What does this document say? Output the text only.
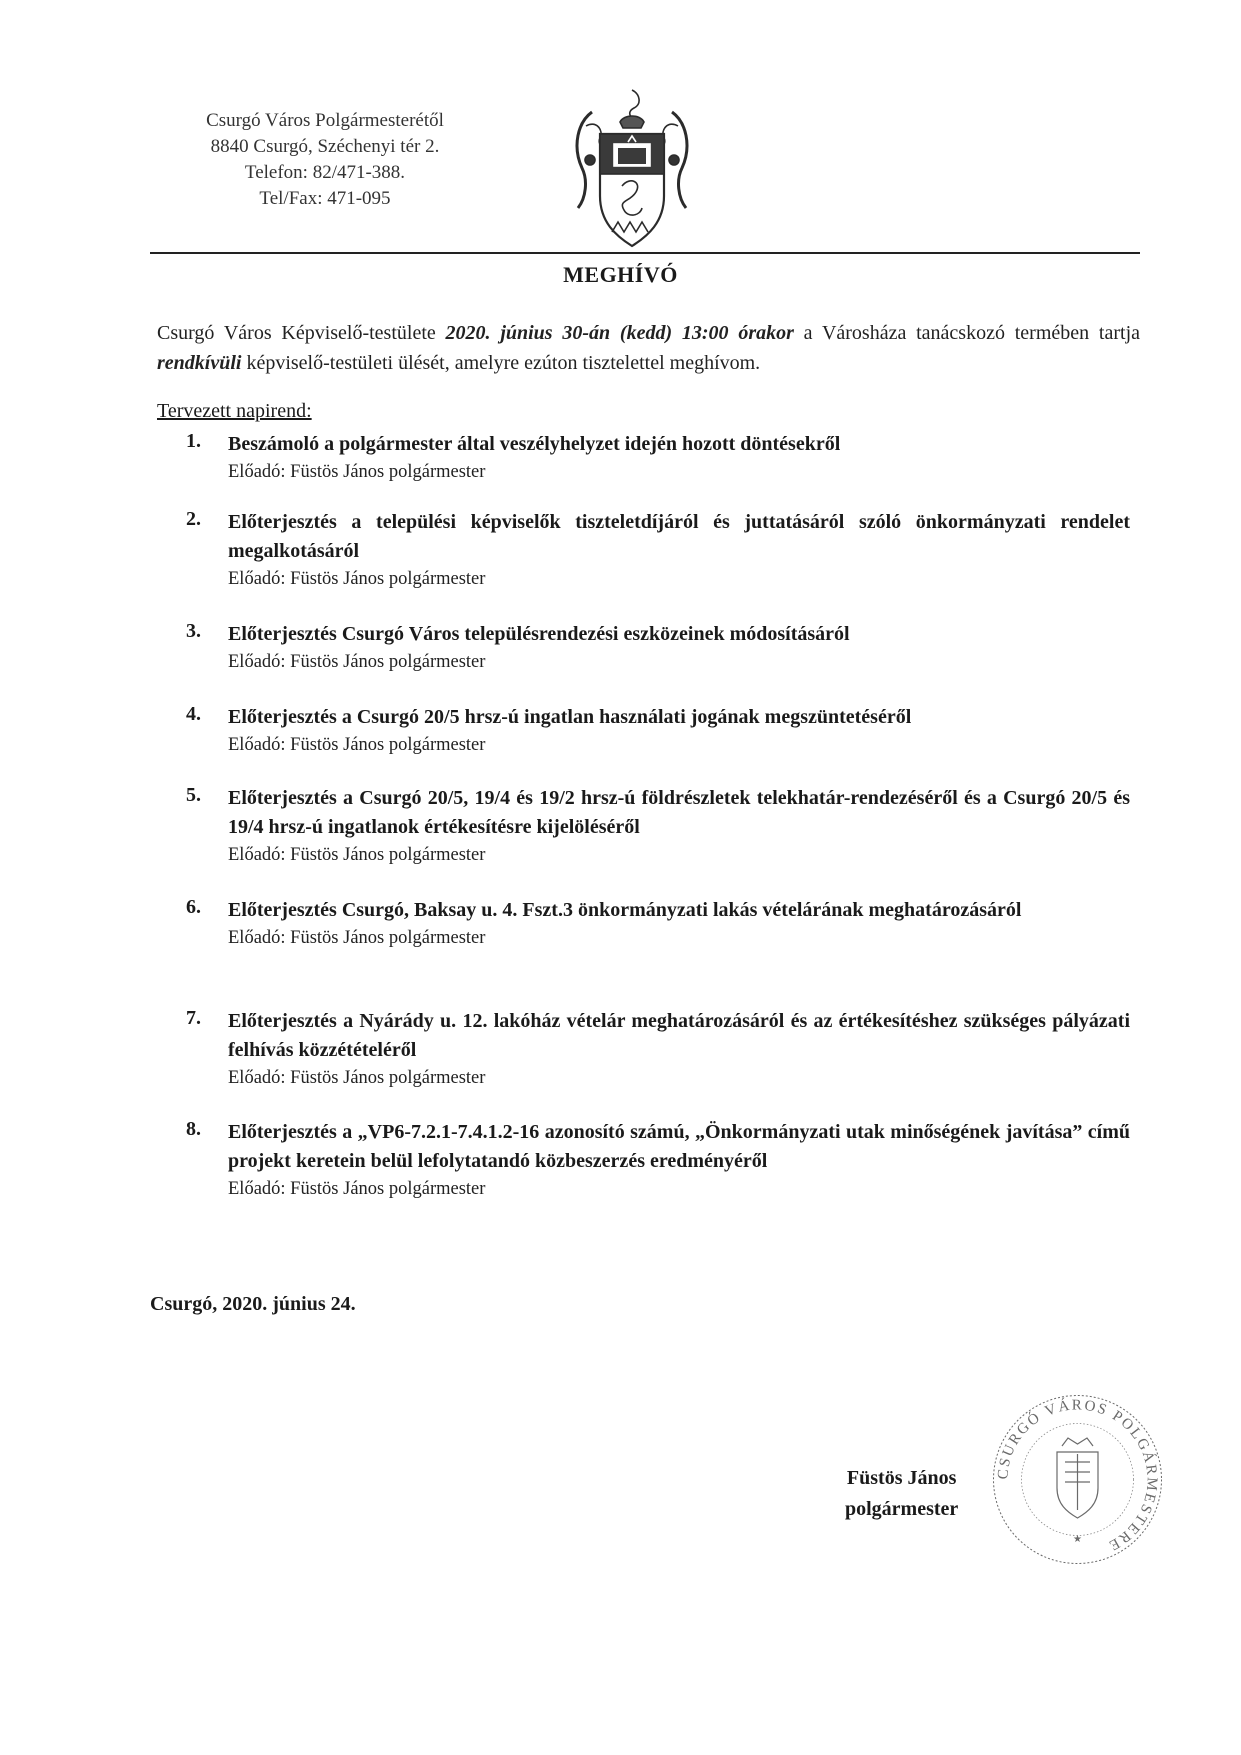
Csurgó Város Polgármesterétől
8840 Csurgó, Széchenyi tér 2.
Telefon: 82/471-388.
Tel/Fax: 471-095
MEGHÍVÓ
Csurgó Város Képviselő-testülete 2020. június 30-án (kedd) 13:00 órakor a Városháza tanácskozó termében tartja rendkívüli képviselő-testületi ülését, amelyre ezúton tisztelettel meghívom.
Tervezett napirend:
1.	Beszámoló a polgármester által veszélyhelyzet idején hozott döntésekről
Előadó: Füstös János polgármester
2.	Előterjesztés a települési képviselők tiszteletdíjáról és juttatásáról szóló önkormányzati rendelet megalkotásáról
Előadó: Füstös János polgármester
3.	Előterjesztés Csurgó Város településrendezési eszközeinek módosításáról
Előadó: Füstös János polgármester
4.	Előterjesztés a Csurgó 20/5 hrsz-ú ingatlan használati jogának megszüntetéséről
Előadó: Füstös János polgármester
5.	Előterjesztés a Csurgó 20/5, 19/4 és 19/2 hrsz-ú földrészletek telekhatár-rendezéséről és a Csurgó 20/5 és 19/4 hrsz-ú ingatlanok értékesítésre kijelöléséről
Előadó: Füstös János polgármester
6.	Előterjesztés Csurgó, Baksay u. 4. Fszt.3 önkormányzati lakás vételárának meghatározásáról
Előadó: Füstös János polgármester
7.	Előterjesztés a Nyárády u. 12. lakóház vételár meghatározásáról és az értékesítéshez szükséges pályázati felhívás közzétételéről
Előadó: Füstös János polgármester
8.	Előterjesztés a „VP6-7.2.1-7.4.1.2-16 azonosító számú, „Önkormányzati utak minőségének javítása” című projekt keretein belül lefolytatandó közbeszerzés eredményéről
Előadó: Füstös János polgármester
Csurgó, 2020. június 24.
Füstös János
polgármester
CSURGÓ VÁROS POLGÁRMESTERE
★
